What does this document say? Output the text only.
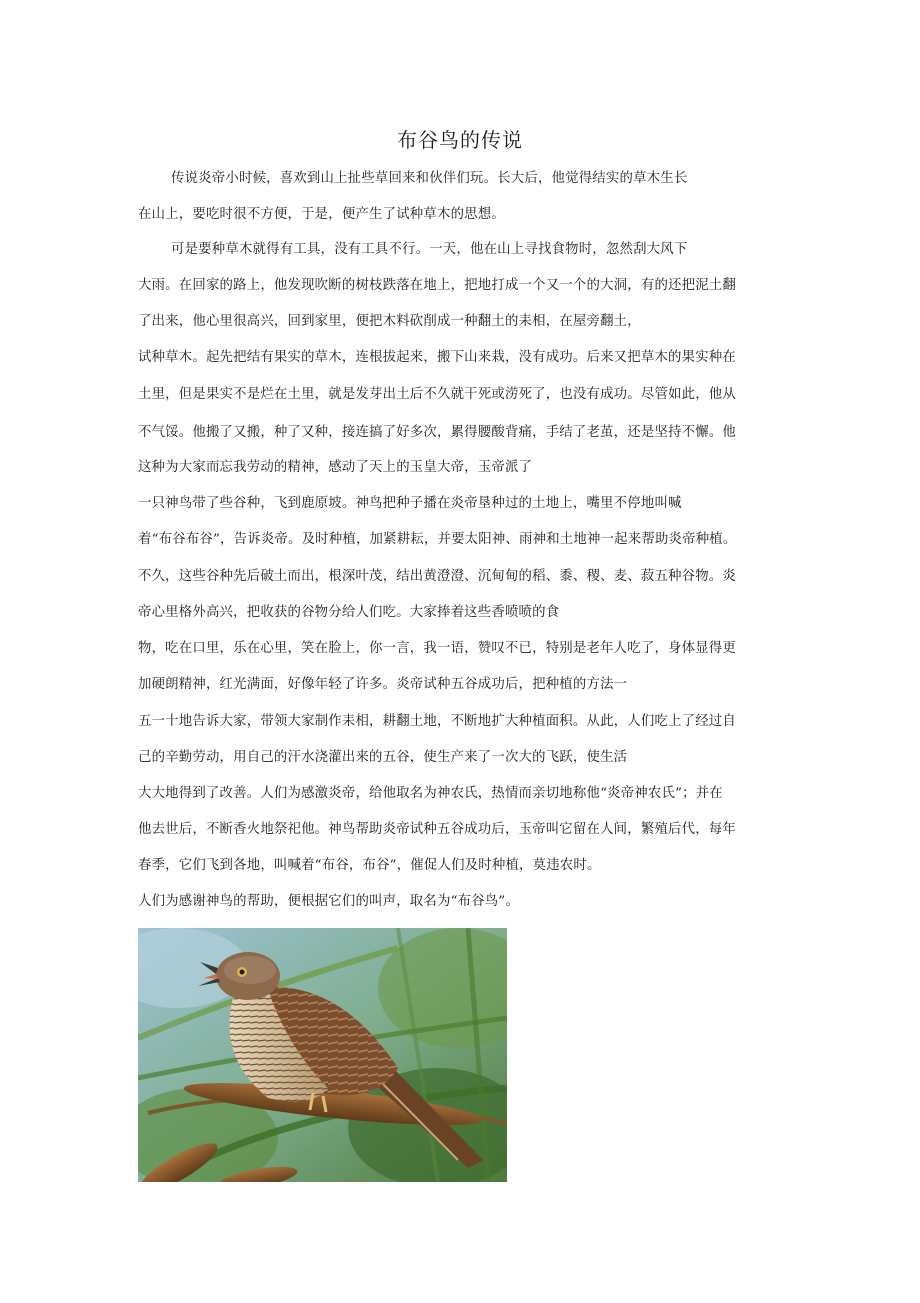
布谷鸟的传说
传说炎帝小时候，喜欢到山上扯些草回来和伙伴们玩。长大后，他觉得结实的草木生长
在山上，要吃时很不方便，于是，便产生了试种草木的思想。
可是要种草木就得有工具，没有工具不行。一天，他在山上寻找食物时，忽然刮大风下
大雨。在回家的路上，他发现吹断的树枝跌落在地上，把地打成一个又一个的大洞，有的还把泥土翻
了出来，他心里很高兴，回到家里，便把木料砍削成一种翻土的耒相，在屋旁翻土，
试种草木。起先把结有果实的草木，连根拔起来，搬下山来栽，没有成功。后来又把草木的果实种在
土里，但是果实不是烂在土里，就是发芽出土后不久就干死或涝死了，也没有成功。尽管如此，他从
不气馁。他搬了又搬，种了又种，接连搞了好多次，累得腰酸背痛，手结了老茧，还是坚持不懈。他
这种为大家而忘我劳动的精神，感动了天上的玉皇大帝，玉帝派了
一只神鸟带了些谷种，飞到鹿原坡。神鸟把种子播在炎帝垦种过的土地上，嘴里不停地叫喊
着“布谷布谷”，告诉炎帝。及时种植，加紧耕耘，并要太阳神、雨神和土地神一起来帮助炎帝种植。
不久，这些谷种先后破土而出，根深叶茂，结出黄澄澄、沉甸甸的稻、黍、稷、麦、菽五种谷物。炎
帝心里格外高兴，把收获的谷物分给人们吃。大家捧着这些香喷喷的食
物，吃在口里，乐在心里，笑在脸上，你一言，我一语，赞叹不已，特别是老年人吃了，身体显得更
加硬朗精神，红光满面，好像年轻了许多。炎帝试种五谷成功后，把种植的方法一
五一十地告诉大家，带领大家制作耒相，耕翻土地，不断地扩大种植面积。从此，人们吃上了经过自
己的辛勤劳动，用自己的汗水浇灌出来的五谷，使生产来了一次大的飞跃，使生活
大大地得到了改善。人们为感激炎帝，给他取名为神农氏，热情而亲切地称他“炎帝神农氏”；并在
他去世后，不断香火地祭祀他。神鸟帮助炎帝试种五谷成功后，玉帝叫它留在人间，繁殖后代，每年
春季，它们飞到各地，叫喊着“布谷，布谷”，催促人们及时种植，莫违农时。
人们为感谢神鸟的帮助，便根据它们的叫声，取名为“布谷鸟”。
